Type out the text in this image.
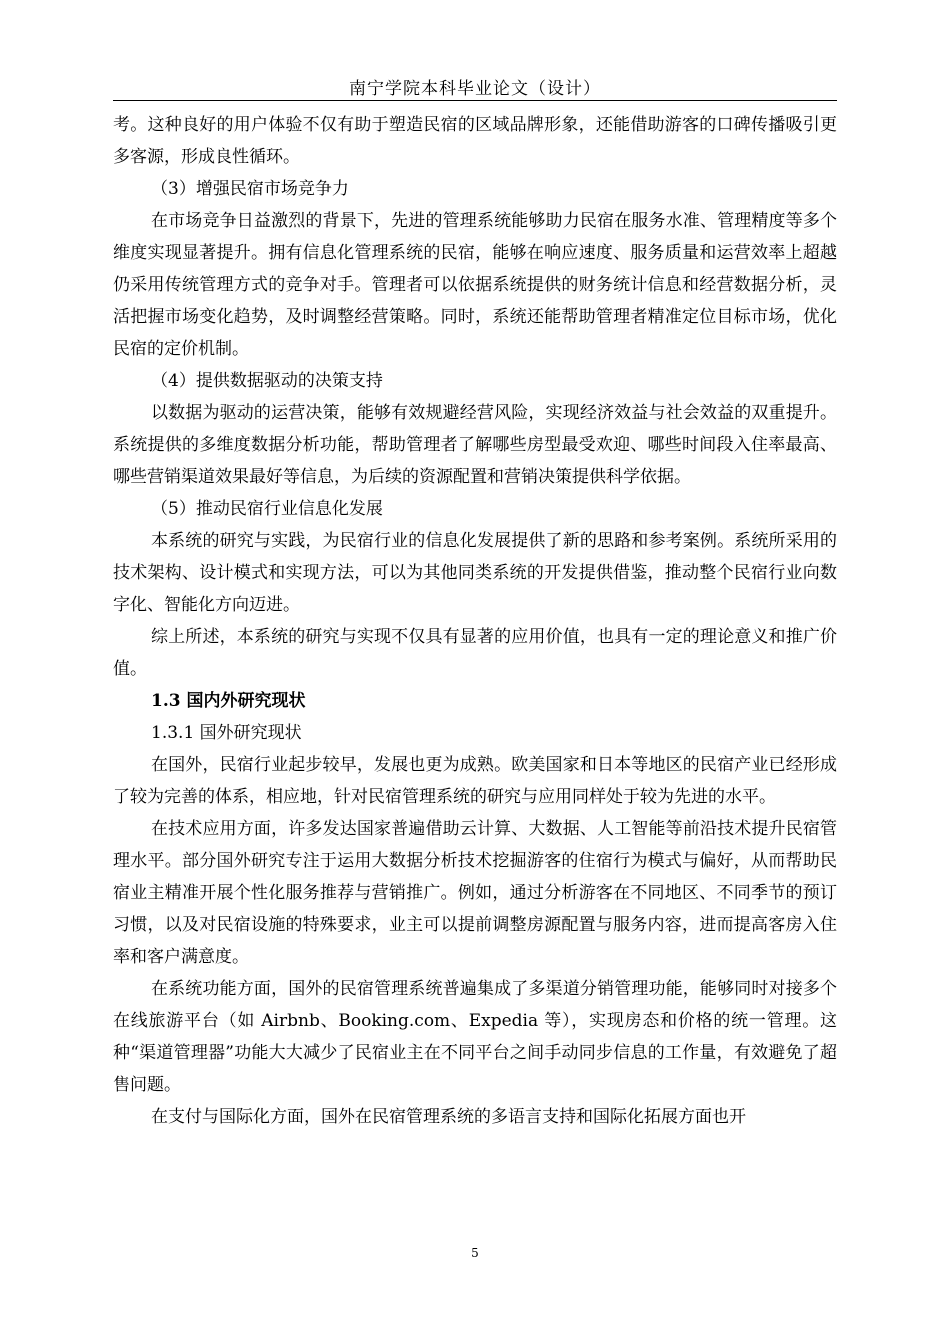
南宁学院本科毕业论文（设计）

考。这种良好的用户体验不仅有助于塑造民宿的区域品牌形象，还能借助游客的口碑传播吸引更多客源，形成良性循环。

（3）增强民宿市场竞争力

在市场竞争日益激烈的背景下，先进的管理系统能够助力民宿在服务水准、管理精度等多个维度实现显著提升。拥有信息化管理系统的民宿，能够在响应速度、服务质量和运营效率上超越仍采用传统管理方式的竞争对手。管理者可以依据系统提供的财务统计信息和经营数据分析，灵活把握市场变化趋势，及时调整经营策略。同时，系统还能帮助管理者精准定位目标市场，优化民宿的定价机制。

（4）提供数据驱动的决策支持

以数据为驱动的运营决策，能够有效规避经营风险，实现经济效益与社会效益的双重提升。系统提供的多维度数据分析功能，帮助管理者了解哪些房型最受欢迎、哪些时间段入住率最高、哪些营销渠道效果最好等信息，为后续的资源配置和营销决策提供科学依据。

（5）推动民宿行业信息化发展

本系统的研究与实践，为民宿行业的信息化发展提供了新的思路和参考案例。系统所采用的技术架构、设计模式和实现方法，可以为其他同类系统的开发提供借鉴，推动整个民宿行业向数字化、智能化方向迈进。

综上所述，本系统的研究与实现不仅具有显著的应用价值，也具有一定的理论意义和推广价值。

1.3 国内外研究现状

1.3.1 国外研究现状

在国外，民宿行业起步较早，发展也更为成熟。欧美国家和日本等地区的民宿产业已经形成了较为完善的体系，相应地，针对民宿管理系统的研究与应用同样处于较为先进的水平。

在技术应用方面，许多发达国家普遍借助云计算、大数据、人工智能等前沿技术提升民宿管理水平。部分国外研究专注于运用大数据分析技术挖掘游客的住宿行为模式与偏好，从而帮助民宿业主精准开展个性化服务推荐与营销推广。例如，通过分析游客在不同地区、不同季节的预订习惯，以及对民宿设施的特殊要求，业主可以提前调整房源配置与服务内容，进而提高客房入住率和客户满意度。

在系统功能方面，国外的民宿管理系统普遍集成了多渠道分销管理功能，能够同时对接多个在线旅游平台（如 Airbnb、Booking.com、Expedia 等），实现房态和价格的统一管理。这种“渠道管理器”功能大大减少了民宿业主在不同平台之间手动同步信息的工作量，有效避免了超售问题。

在支付与国际化方面，国外在民宿管理系统的多语言支持和国际化拓展方面也开

5
